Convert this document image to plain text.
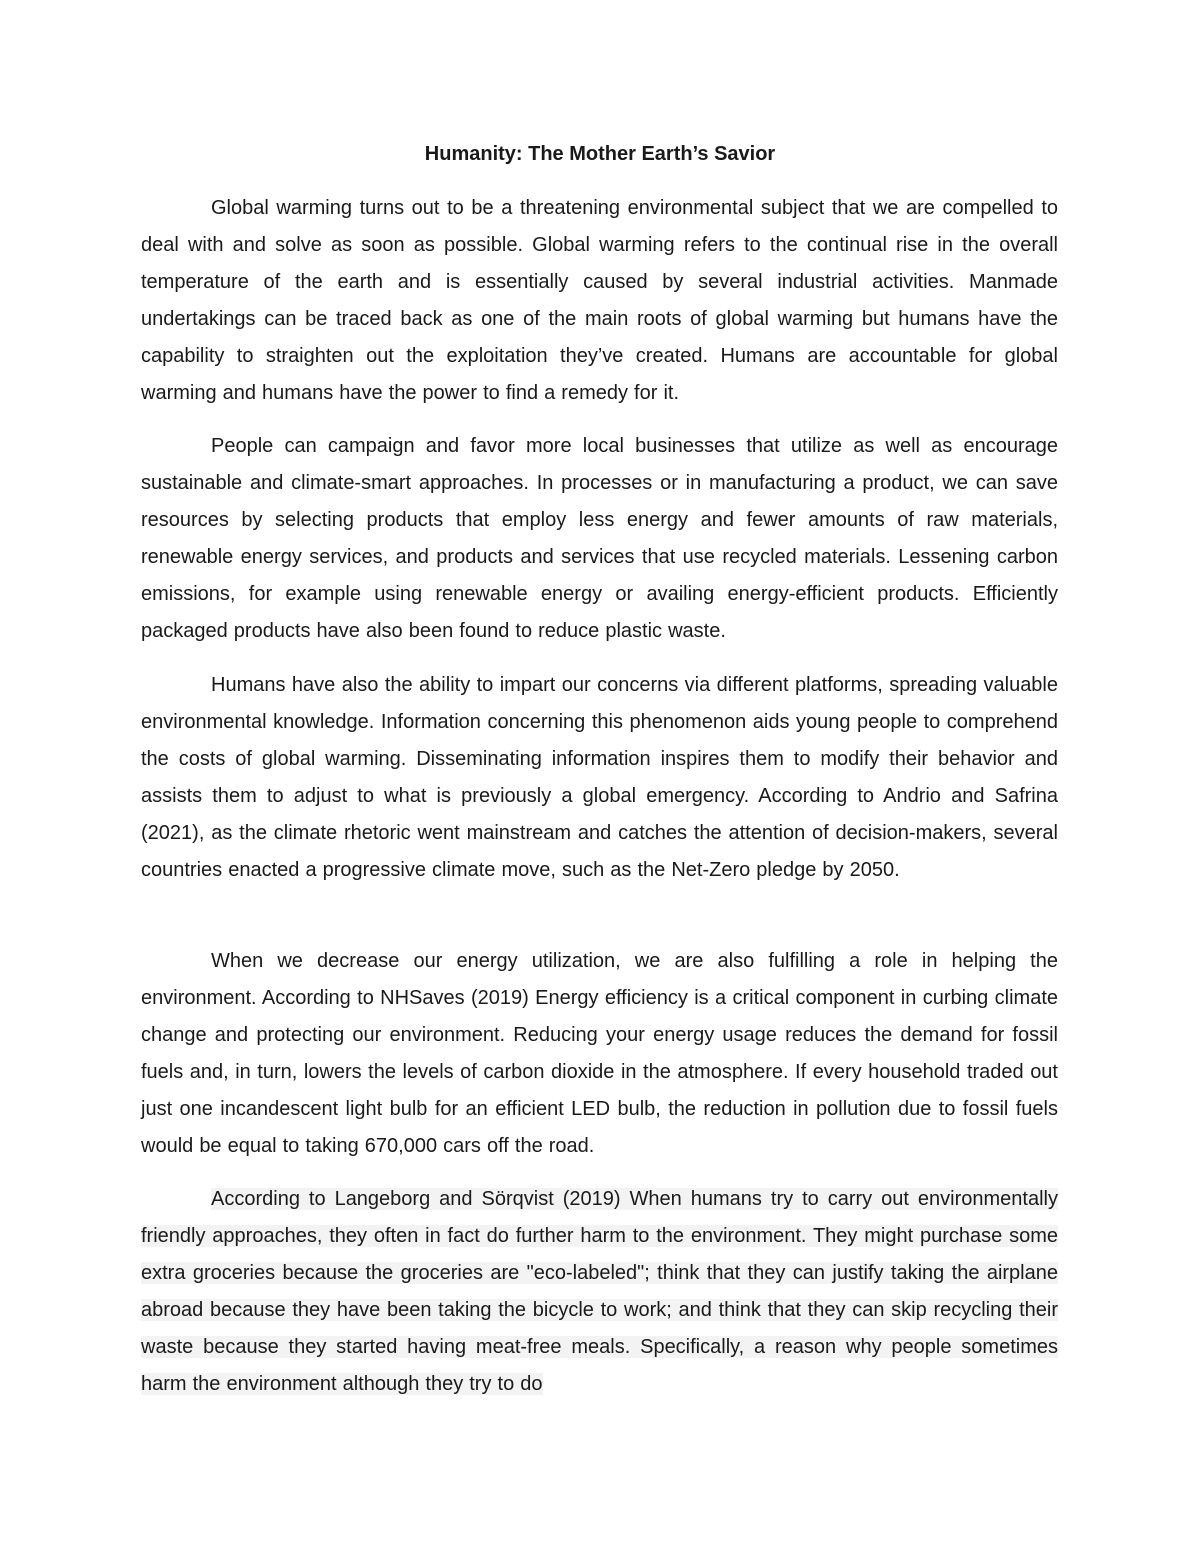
Humanity: The Mother Earth’s Savior

Global warming turns out to be a threatening environmental subject that we are compelled to deal with and solve as soon as possible. Global warming refers to the continual rise in the overall temperature of the earth and is essentially caused by several industrial activities. Manmade undertakings can be traced back as one of the main roots of global warming but humans have the capability to straighten out the exploitation they’ve created. Humans are accountable for global warming and humans have the power to find a remedy for it.

People can campaign and favor more local businesses that utilize as well as encourage sustainable and climate-smart approaches. In processes or in manufacturing a product, we can save resources by selecting products that employ less energy and fewer amounts of raw materials, renewable energy services, and products and services that use recycled materials. Lessening carbon emissions, for example using renewable energy or availing energy-efficient products. Efficiently packaged products have also been found to reduce plastic waste.

Humans have also the ability to impart our concerns via different platforms, spreading valuable environmental knowledge. Information concerning this phenomenon aids young people to comprehend the costs of global warming. Disseminating information inspires them to modify their behavior and assists them to adjust to what is previously a global emergency. According to Andrio and Safrina (2021), as the climate rhetoric went mainstream and catches the attention of decision-makers, several countries enacted a progressive climate move, such as the Net-Zero pledge by 2050.

When we decrease our energy utilization, we are also fulfilling a role in helping the environment. According to NHSaves (2019) Energy efficiency is a critical component in curbing climate change and protecting our environment. Reducing your energy usage reduces the demand for fossil fuels and, in turn, lowers the levels of carbon dioxide in the atmosphere. If every household traded out just one incandescent light bulb for an efficient LED bulb, the reduction in pollution due to fossil fuels would be equal to taking 670,000 cars off the road.

According to Langeborg and Sörqvist (2019) When humans try to carry out environmentally friendly approaches, they often in fact do further harm to the environment. They might purchase some extra groceries because the groceries are "eco-labeled"; think that they can justify taking the airplane abroad because they have been taking the bicycle to work; and think that they can skip recycling their waste because they started having meat-free meals. Specifically, a reason why people sometimes harm the environment although they try to do
